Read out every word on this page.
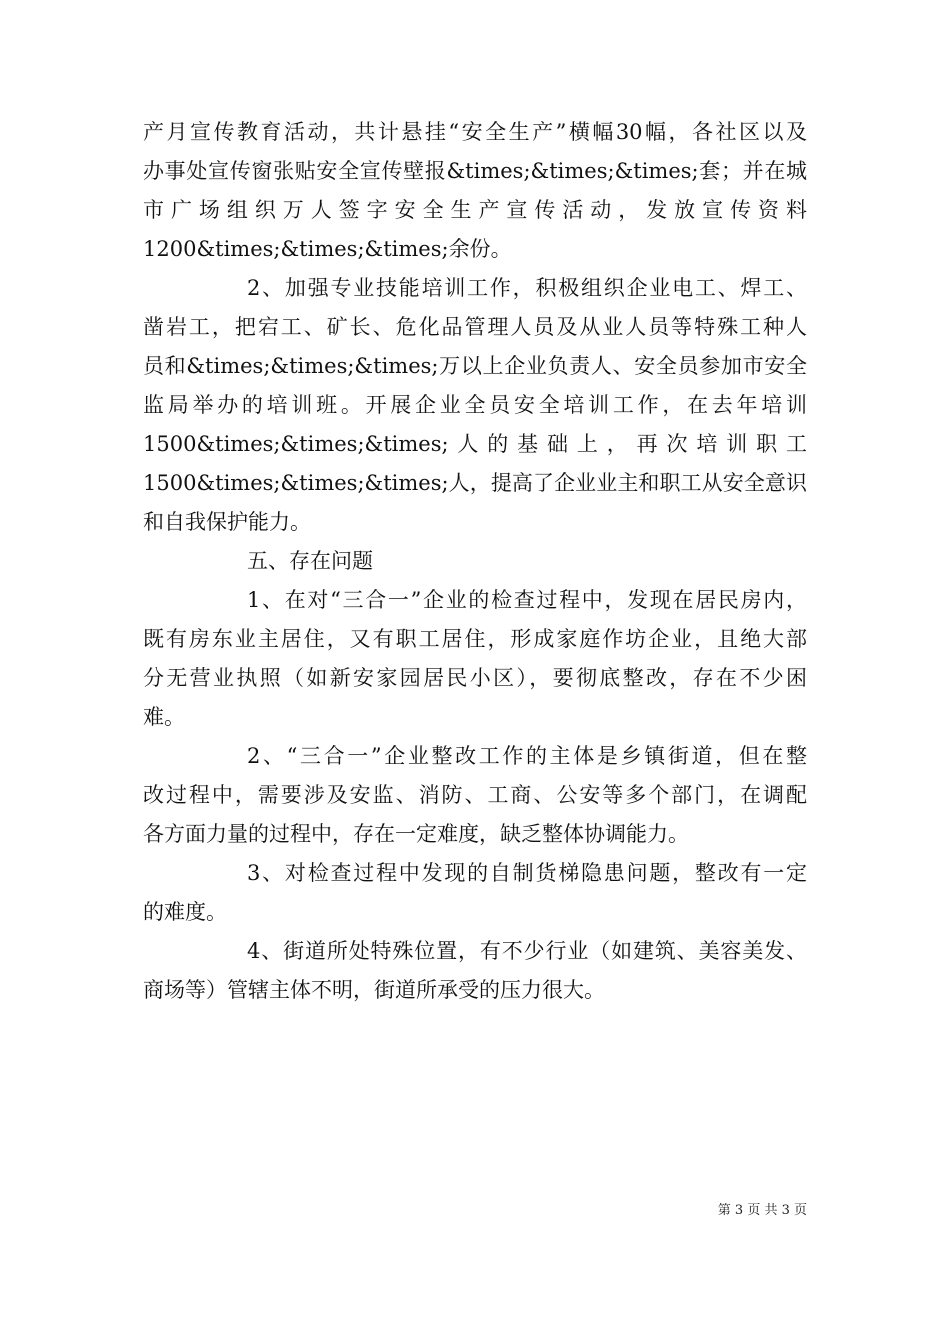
产月宣传教育活动，共计悬挂“安全生产”横幅30幅，各社区以及
办事处宣传窗张贴安全宣传壁报&times;&times;&times;套；并在城
市广场组织万人签字安全生产宣传活动，发放宣传资料
1200&times;&times;&times;余份。
2、加强专业技能培训工作，积极组织企业电工、焊工、
凿岩工，把宕工、矿长、危化品管理人员及从业人员等特殊工种人
员和&times;&times;&times;万以上企业负责人、安全员参加市安全
监局举办的培训班。开展企业全员安全培训工作，在去年培训
1500&times;&times;&times;人的基础上，再次培训职工
1500&times;&times;&times;人，提高了企业业主和职工从安全意识
和自我保护能力。
五、存在问题
1、在对“三合一”企业的检查过程中，发现在居民房内，
既有房东业主居住，又有职工居住，形成家庭作坊企业，且绝大部
分无营业执照（如新安家园居民小区），要彻底整改，存在不少困
难。
2、“三合一”企业整改工作的主体是乡镇街道，但在整
改过程中，需要涉及安监、消防、工商、公安等多个部门，在调配
各方面力量的过程中，存在一定难度，缺乏整体协调能力。
3、对检查过程中发现的自制货梯隐患问题，整改有一定
的难度。
4、街道所处特殊位置，有不少行业（如建筑、美容美发、
商场等）管辖主体不明，街道所承受的压力很大。
第 3 页 共 3 页
